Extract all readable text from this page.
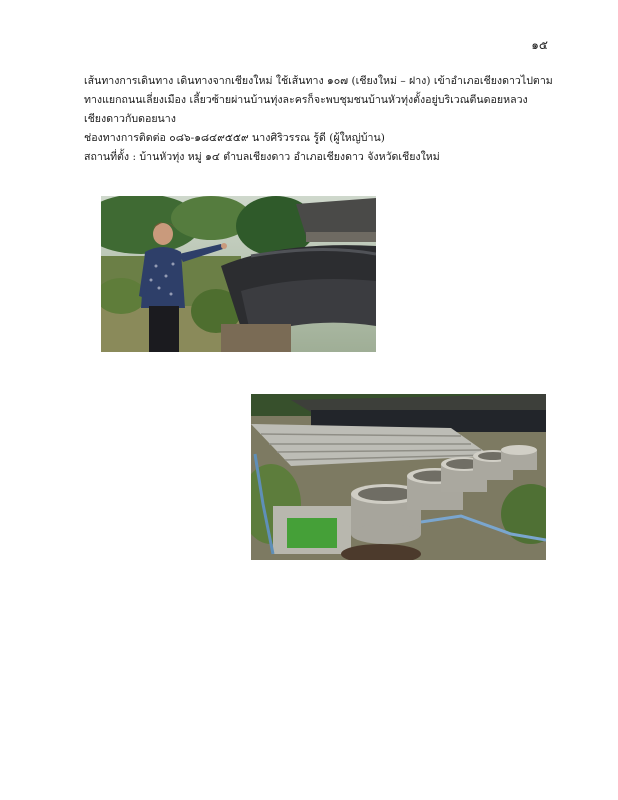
๑๕

เส้นทางการเดินทาง เดินทางจากเชียงใหม่ ใช้เส้นทาง ๑๐๗ (เชียงใหม่ – ฝาง) เข้าอำเภอเชียงดาวไปตาม

ทางแยกถนนเลี่ยงเมือง เลี้ยวซ้ายผ่านบ้านทุ่งละครก็จะพบชุมชนบ้านหัวทุ่งตั้งอยู่บริเวณตีนดอยหลวง

เชียงดาวกับดอยนาง

ช่องทางการติดต่อ ๐๘๖-๑๘๔๙๕๕๙ นางศิริวรรณ รู้ดี (ผู้ใหญ่บ้าน)

สถานที่ตั้ง : บ้านหัวทุ่ง หมู่ ๑๔ ตำบลเชียงดาว อำเภอเชียงดาว จังหวัดเชียงใหม่
